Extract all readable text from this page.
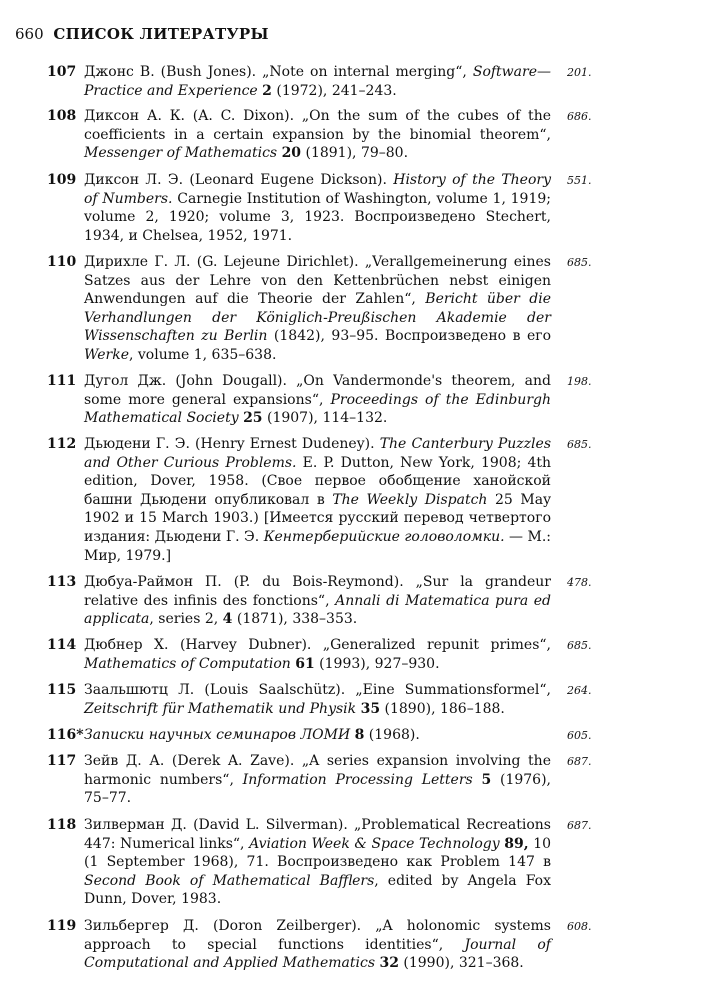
660 СПИСОК ЛИТЕРАТУРЫ
107 Джонс В. (Bush Jones). „Note on internal merging“, Software—Practice and Experience 2 (1972), 241–243.
201.
108 Диксон А. К. (A. C. Dixon). „On the sum of the cubes of the coefficients in a certain expansion by the binomial theorem“, Messenger of Mathematics 20 (1891), 79–80.
686.
109 Диксон Л. Э. (Leonard Eugene Dickson). History of the Theory of Numbers. Carnegie Institution of Washington, volume 1, 1919; volume 2, 1920; volume 3, 1923. Воспроизведено Stechert, 1934, и Chelsea, 1952, 1971.
551.
110 Дирихле Г. Л. (G. Lejeune Dirichlet). „Verallgemeinerung eines Satzes aus der Lehre von den Kettenbrüchen nebst einigen Anwendungen auf die Theorie der Zahlen“, Bericht über die Verhandlungen der Königlich-Preußischen Akademie der Wissenschaften zu Berlin (1842), 93–95. Воспроизведено в его Werke, volume 1, 635–638.
685.
111 Дугол Дж. (John Dougall). „On Vandermonde's theorem, and some more general expansions“, Proceedings of the Edinburgh Mathematical Society 25 (1907), 114–132.
198.
112 Дьюдени Г. Э. (Henry Ernest Dudeney). The Canterbury Puzzles and Other Curious Problems. E. P. Dutton, New York, 1908; 4th edition, Dover, 1958. (Свое первое обобщение ханойской башни Дьюдени опубликовал в The Weekly Dispatch 25 May 1902 и 15 March 1903.) [Имеется русский перевод четвертого издания: Дьюдени Г. Э. Кентерберийские головоломки. — М.: Мир, 1979.]
685.
113 Дюбуа-Раймон П. (P. du Bois-Reymond). „Sur la grandeur relative des infinis des fonctions“, Annali di Matematica pura ed applicata, series 2, 4 (1871), 338–353.
478.
114 Дюбнер Х. (Harvey Dubner). „Generalized repunit primes“, Mathematics of Computation 61 (1993), 927–930.
685.
115 Заальшютц Л. (Louis Saalschütz). „Eine Summationsformel“, Zeitschrift für Mathematik und Physik 35 (1890), 186–188.
264.
116* Записки научных семинаров ЛОМИ 8 (1968).	605.
117 Зейв Д. А. (Derek A. Zave). „A series expansion involving the harmonic numbers“, Information Processing Letters 5 (1976), 75–77.
687.
118 Зилверман Д. (David L. Silverman). „Problematical Recreations 447: Numerical links“, Aviation Week & Space Technology 89, 10 (1 September 1968), 71. Воспроизведено как Problem 147 в Second Book of Mathematical Bafflers, edited by Angela Fox Dunn, Dover, 1983.
687.
119 Зильбергер Д. (Doron Zeilberger). „A holonomic systems approach to special functions identities“, Journal of Computational and Applied Mathematics 32 (1990), 321–368.
608.
